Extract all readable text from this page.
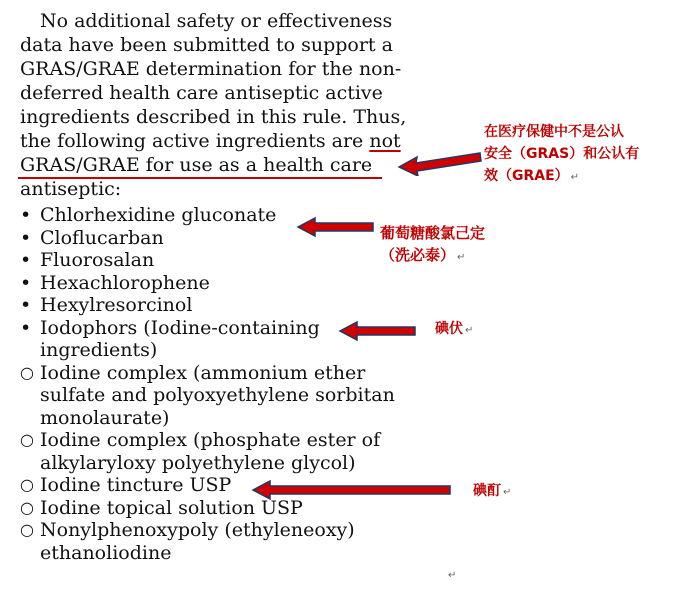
No additional safety or effectiveness
data have been submitted to support a
GRAS/GRAE determination for the non-
deferred health care antiseptic active
ingredients described in this rule. Thus,
the following active ingredients are not
GRAS/GRAE for use as a health care
antiseptic:

• Chlorhexidine gluconate
• Cloflucarban
• Fluorosalan
• Hexachlorophene
• Hexylresorcinol
• Iodophors (Iodine-containing
ingredients)
○ Iodine complex (ammonium ether
sulfate and polyoxyethylene sorbitan
monolaurate)
○ Iodine complex (phosphate ester of
alkylaryloxy polyethylene glycol)
○ Iodine tincture USP
○ Iodine topical solution USP
○ Nonylphenoxypoly (ethyleneoxy)
ethanoliodine
在医疗保健中不是公认
安全（GRAS）和公认有
效（GRAE） ↵
葡萄糖酸氯己定
（洗必泰） ↵
碘伏 ↵
碘酊 ↵
↵
